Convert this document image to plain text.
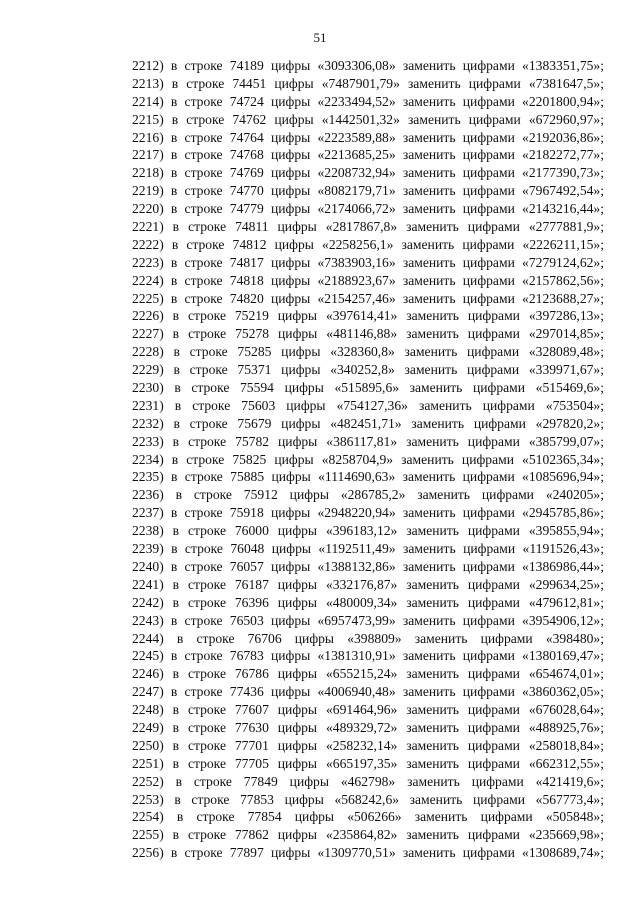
51
2212) в строке 74189 цифры «3093306,08» заменить цифрами «1383351,75»;
2213) в строке 74451 цифры «7487901,79» заменить цифрами «7381647,5»;
2214) в строке 74724 цифры «2233494,52» заменить цифрами «2201800,94»;
2215) в строке 74762 цифры «1442501,32» заменить цифрами «672960,97»;
2216) в строке 74764 цифры «2223589,88» заменить цифрами «2192036,86»;
2217) в строке 74768 цифры «2213685,25» заменить цифрами «2182272,77»;
2218) в строке 74769 цифры «2208732,94» заменить цифрами «2177390,73»;
2219) в строке 74770 цифры «8082179,71» заменить цифрами «7967492,54»;
2220) в строке 74779 цифры «2174066,72» заменить цифрами «2143216,44»;
2221) в строке 74811 цифры «2817867,8» заменить цифрами «2777881,9»;
2222) в строке 74812 цифры «2258256,1» заменить цифрами «2226211,15»;
2223) в строке 74817 цифры «7383903,16» заменить цифрами «7279124,62»;
2224) в строке 74818 цифры «2188923,67» заменить цифрами «2157862,56»;
2225) в строке 74820 цифры «2154257,46» заменить цифрами «2123688,27»;
2226) в строке 75219 цифры «397614,41» заменить цифрами «397286,13»;
2227) в строке 75278 цифры «481146,88» заменить цифрами «297014,85»;
2228) в строке 75285 цифры «328360,8» заменить цифрами «328089,48»;
2229) в строке 75371 цифры «340252,8» заменить цифрами «339971,67»;
2230) в строке 75594 цифры «515895,6» заменить цифрами «515469,6»;
2231) в строке 75603 цифры «754127,36» заменить цифрами «753504»;
2232) в строке 75679 цифры «482451,71» заменить цифрами «297820,2»;
2233) в строке 75782 цифры «386117,81» заменить цифрами «385799,07»;
2234) в строке 75825 цифры «8258704,9» заменить цифрами «5102365,34»;
2235) в строке 75885 цифры «1114690,63» заменить цифрами «1085696,94»;
2236) в строке 75912 цифры «286785,2» заменить цифрами «240205»;
2237) в строке 75918 цифры «2948220,94» заменить цифрами «2945785,86»;
2238) в строке 76000 цифры «396183,12» заменить цифрами «395855,94»;
2239) в строке 76048 цифры «1192511,49» заменить цифрами «1191526,43»;
2240) в строке 76057 цифры «1388132,86» заменить цифрами «1386986,44»;
2241) в строке 76187 цифры «332176,87» заменить цифрами «299634,25»;
2242) в строке 76396 цифры «480009,34» заменить цифрами «479612,81»;
2243) в строке 76503 цифры «6957473,99» заменить цифрами «3954906,12»;
2244) в строке 76706 цифры «398809» заменить цифрами «398480»;
2245) в строке 76783 цифры «1381310,91» заменить цифрами «1380169,47»;
2246) в строке 76786 цифры «655215,24» заменить цифрами «654674,01»;
2247) в строке 77436 цифры «4006940,48» заменить цифрами «3860362,05»;
2248) в строке 77607 цифры «691464,96» заменить цифрами «676028,64»;
2249) в строке 77630 цифры «489329,72» заменить цифрами «488925,76»;
2250) в строке 77701 цифры «258232,14» заменить цифрами «258018,84»;
2251) в строке 77705 цифры «665197,35» заменить цифрами «662312,55»;
2252) в строке 77849 цифры «462798» заменить цифрами «421419,6»;
2253) в строке 77853 цифры «568242,6» заменить цифрами «567773,4»;
2254) в строке 77854 цифры «506266» заменить цифрами «505848»;
2255) в строке 77862 цифры «235864,82» заменить цифрами «235669,98»;
2256) в строке 77897 цифры «1309770,51» заменить цифрами «1308689,74»;
